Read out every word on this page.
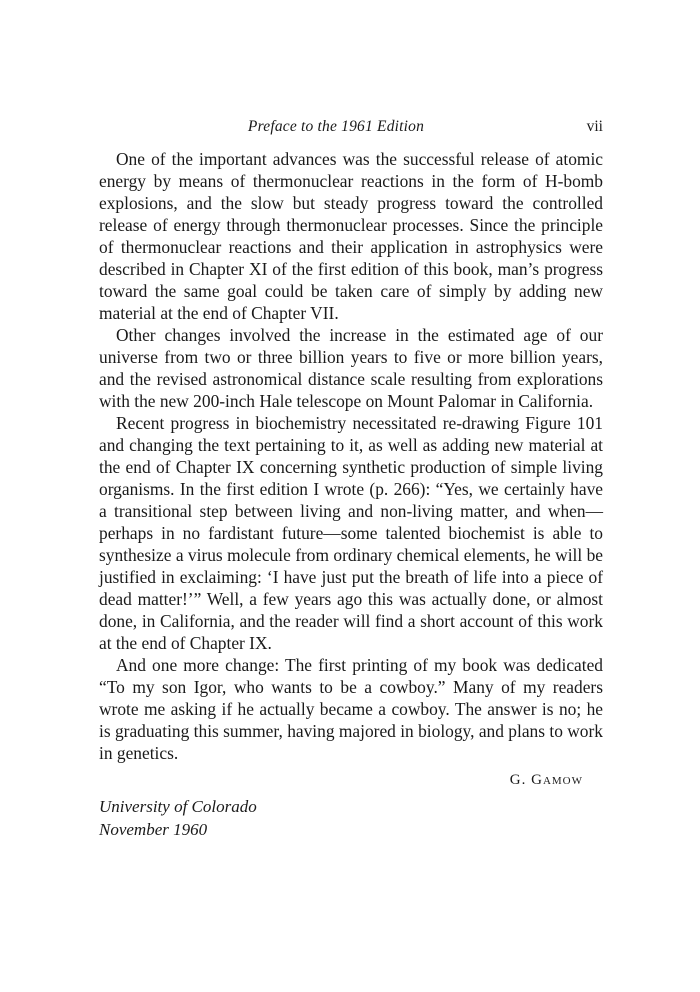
Preface to the 1961 Edition	vii

One of the important advances was the successful release of atomic energy by means of thermonuclear reactions in the form of H-bomb explosions, and the slow but steady progress toward the controlled release of energy through thermonuclear processes. Since the principle of thermonuclear reactions and their application in astrophysics were described in Chapter XI of the first edition of this book, man’s progress toward the same goal could be taken care of simply by adding new material at the end of Chapter VII.

Other changes involved the increase in the estimated age of our universe from two or three billion years to five or more billion years, and the revised astronomical distance scale resulting from explorations with the new 200-inch Hale telescope on Mount Palomar in California.

Recent progress in biochemistry necessitated re-drawing Figure 101 and changing the text pertaining to it, as well as adding new material at the end of Chapter IX concerning synthetic production of simple living organisms. In the first edition I wrote (p. 266): “Yes, we certainly have a transitional step between living and non-living matter, and when—perhaps in no fardistant future—some talented biochemist is able to synthesize a virus molecule from ordinary chemical elements, he will be justified in exclaiming: ‘I have just put the breath of life into a piece of dead matter!’” Well, a few years ago this was actually done, or almost done, in California, and the reader will find a short account of this work at the end of Chapter IX.

And one more change: The first printing of my book was dedicated “To my son Igor, who wants to be a cowboy.” Many of my readers wrote me asking if he actually became a cowboy. The answer is no; he is graduating this summer, having majored in biology, and plans to work in genetics.

G. Gamow
University of Colorado
November 1960
